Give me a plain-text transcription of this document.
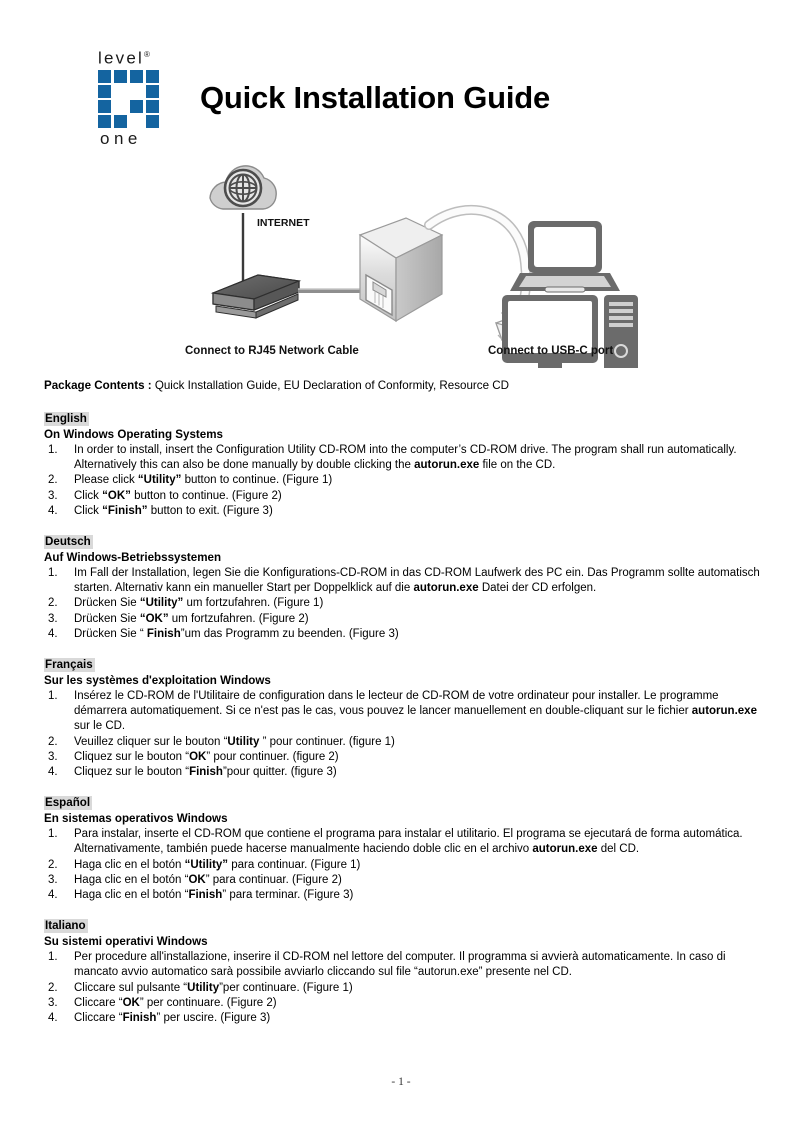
level®
one
Quick Installation Guide
INTERNET
Connect to RJ45 Network Cable	Connect to USB-C port

Package Contents : Quick Installation Guide, EU Declaration of Conformity, Resource CD

English
On Windows Operating Systems
1.	In order to install, insert the Configuration Utility CD-ROM into the computer’s CD-ROM drive. The program shall run automatically. Alternatively this can also be done manually by double clicking the autorun.exe file on the CD.
2.	Please click “Utility” button to continue. (Figure 1)
3.	Click “OK” button to continue. (Figure 2)
4.	Click “Finish” button to exit. (Figure 3)
Deutsch
Auf Windows-Betriebssystemen
1.	Im Fall der Installation, legen Sie die Konfigurations-CD-ROM in das CD-ROM Laufwerk des PC ein. Das Programm sollte automatisch starten. Alternativ kann ein manueller Start per Doppelklick auf die autorun.exe Datei der CD erfolgen.
2.	Drücken Sie “Utility” um fortzufahren. (Figure 1)
3.	Drücken Sie “OK” um fortzufahren. (Figure 2)
4.	Drücken Sie “ Finish”um das Programm zu beenden. (Figure 3)
Français
Sur les systèmes d'exploitation Windows
1.	Insérez le CD-ROM de l'Utilitaire de configuration dans le lecteur de CD-ROM de votre ordinateur pour installer. Le programme démarrera automatiquement. Si ce n'est pas le cas, vous pouvez le lancer manuellement en double-cliquant sur le fichier autorun.exe sur le CD.
2.	Veuillez cliquer sur le bouton “Utility ” pour continuer. (figure 1)
3.	Cliquez sur le bouton “OK” pour continuer. (figure 2)
4.	Cliquez sur le bouton “Finish”pour quitter. (figure 3)
Español
En sistemas operativos Windows
1.	Para instalar, inserte el CD-ROM que contiene el programa para instalar el utilitario. El programa se ejecutará de forma automática. Alternativamente, también puede hacerse manualmente haciendo doble clic en el archivo autorun.exe del CD.
2.	Haga clic en el botón “Utility” para continuar. (Figure 1)
3.	Haga clic en el botón “OK” para continuar. (Figure 2)
4.	Haga clic en el botón “Finish” para terminar. (Figure 3)
Italiano
Su sistemi operativi Windows
1.	Per procedure all'installazione, inserire il CD-ROM nel lettore del computer. Il programma si avvierà automaticamente. In caso di mancato avvio automatico sarà possibile avviarlo cliccando sul file “autorun.exe” presente nel CD.
2.	Cliccare sul pulsante “Utility”per continuare. (Figure 1)
3.	Cliccare “OK” per continuare. (Figure 2)
4.	Cliccare “Finish” per uscire. (Figure 3)
- 1 -
